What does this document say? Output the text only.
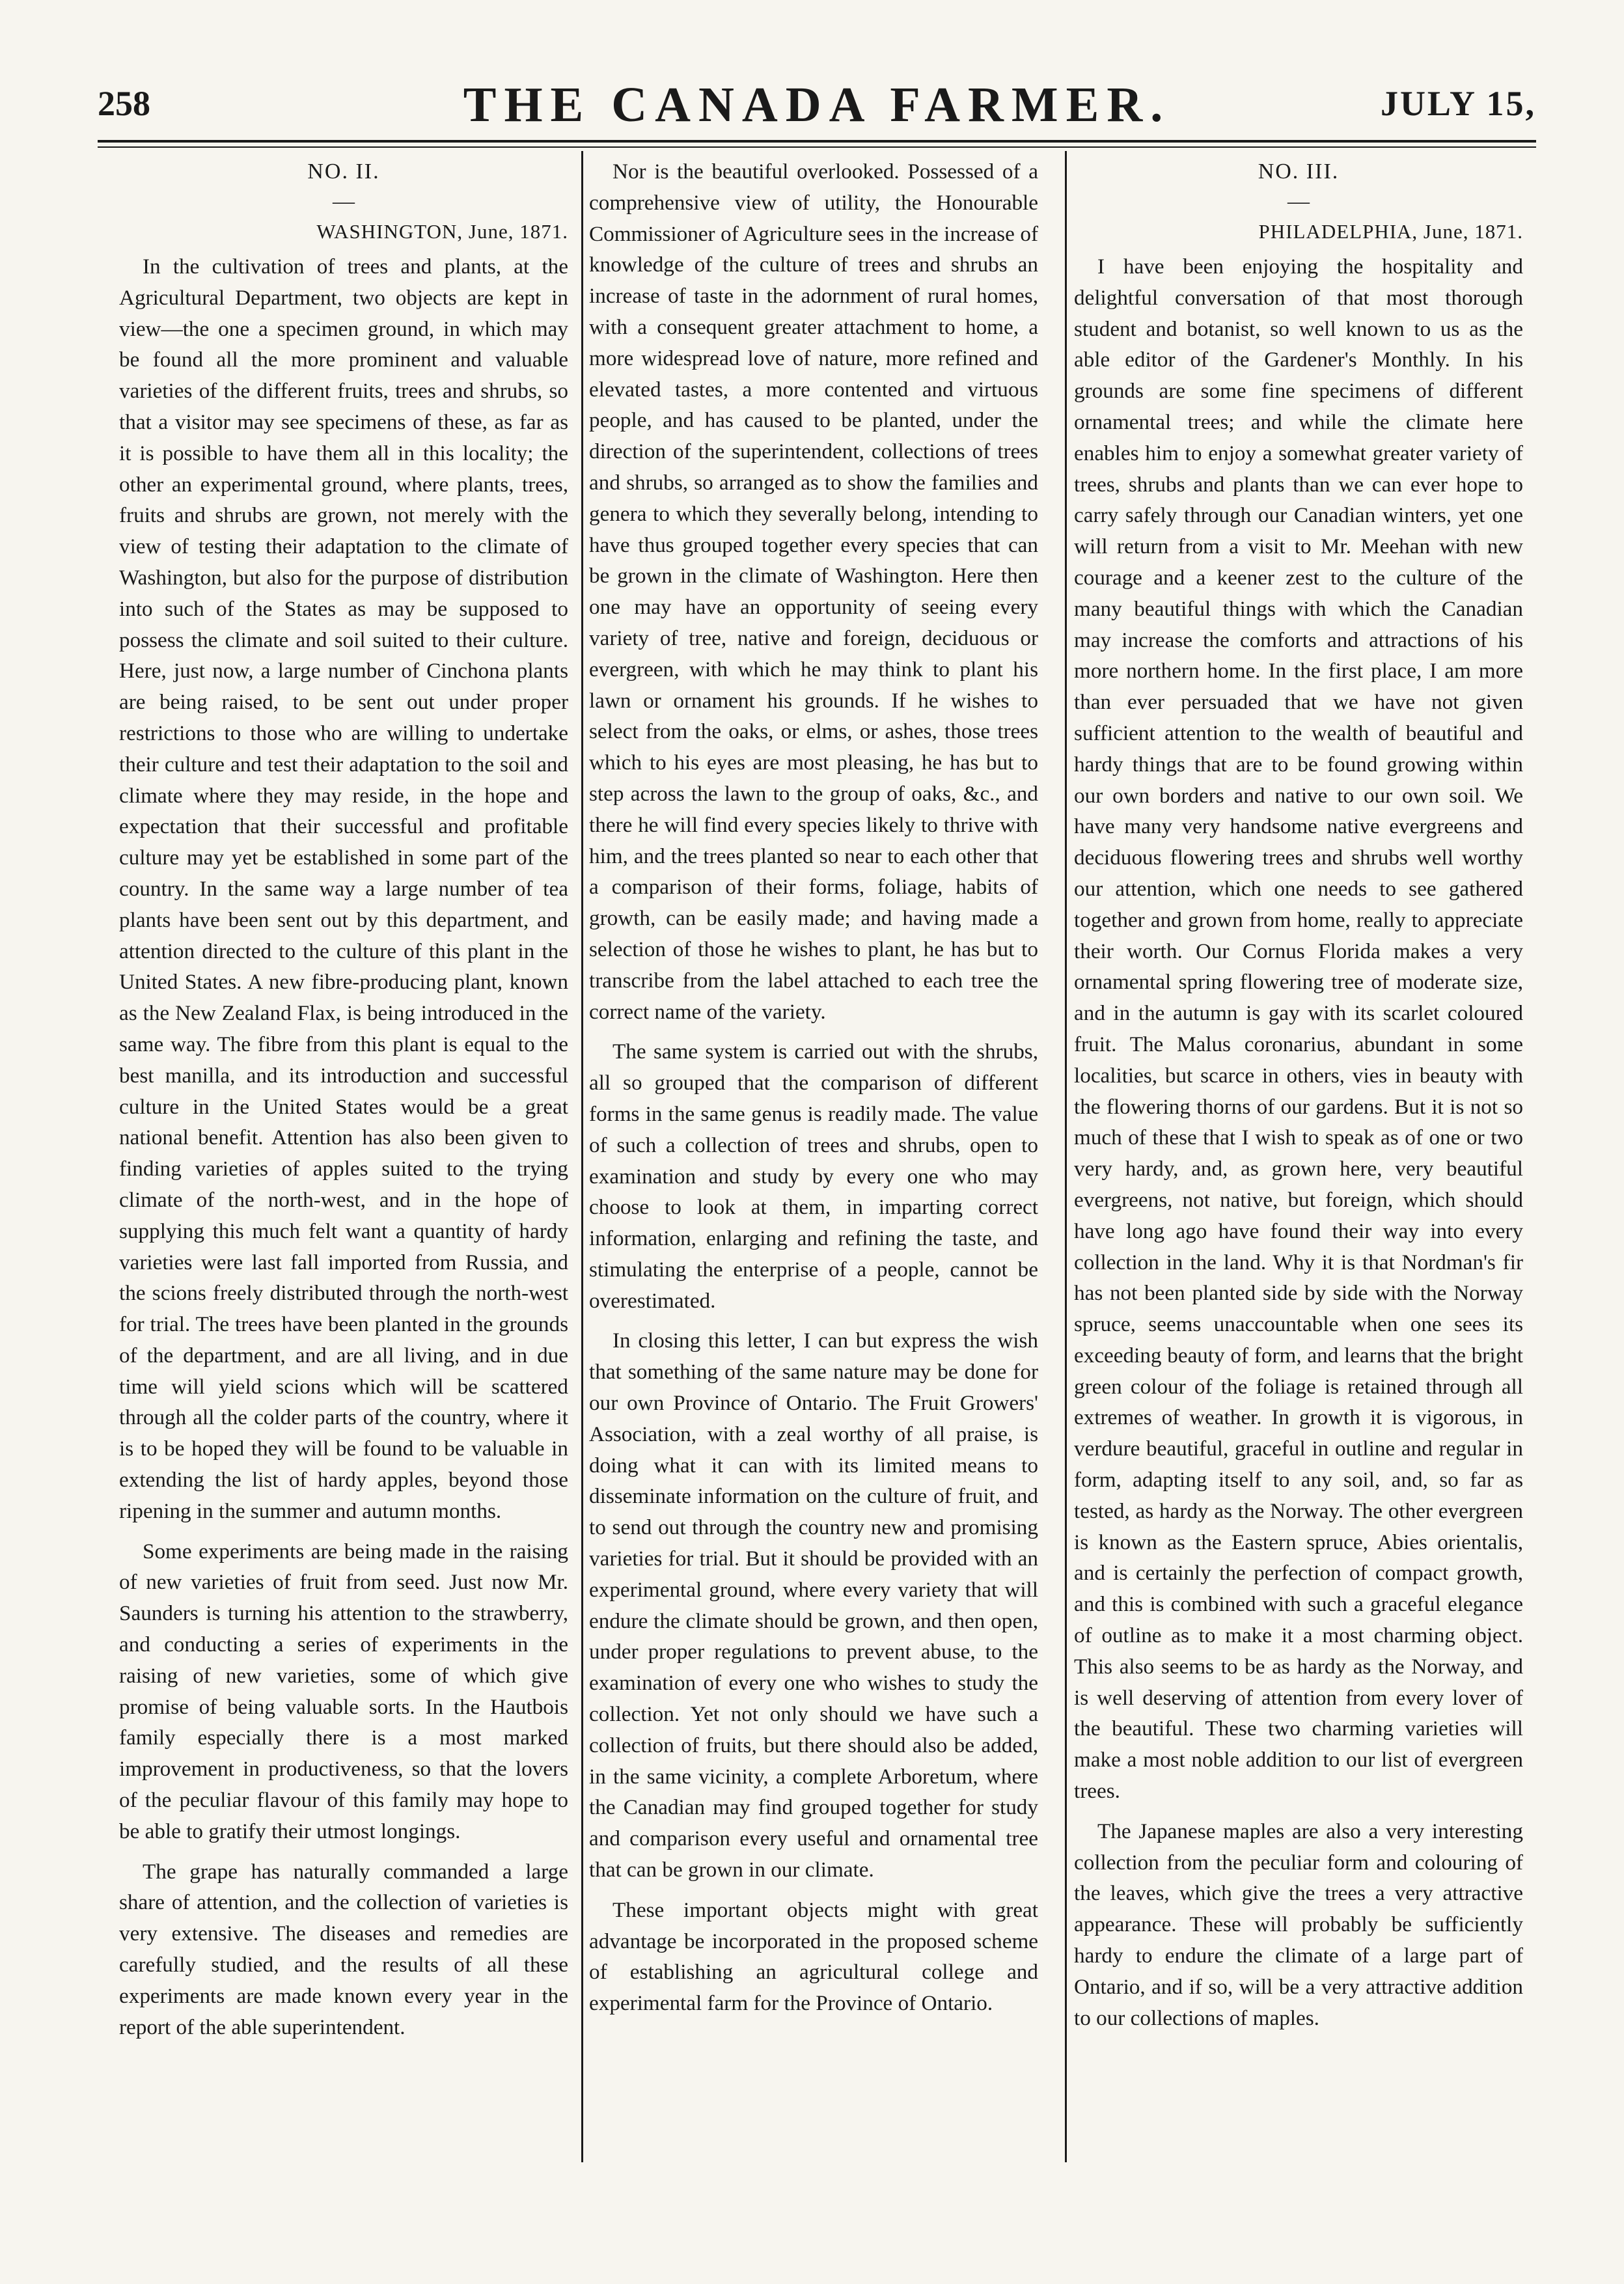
258	THE CANADA FARMER.	JULY 15,
NO. II.
—
WASHINGTON, June, 1871.

In the cultivation of trees and plants, at the Agricultural Department, two objects are kept in view—the one a specimen ground, in which may be found all the more prominent and valuable varieties of the different fruits, trees and shrubs, so that a visitor may see specimens of these, as far as it is possible to have them all in this locality; the other an experimental ground, where plants, trees, fruits and shrubs are grown, not merely with the view of testing their adaptation to the climate of Washington, but also for the purpose of distribution into such of the States as may be supposed to possess the climate and soil suited to their culture. Here, just now, a large number of Cinchona plants are being raised, to be sent out under proper restrictions to those who are willing to undertake their culture and test their adaptation to the soil and climate where they may reside, in the hope and expectation that their successful and profitable culture may yet be established in some part of the country. In the same way a large number of tea plants have been sent out by this department, and attention directed to the culture of this plant in the United States. A new fibre-producing plant, known as the New Zealand Flax, is being introduced in the same way. The fibre from this plant is equal to the best manilla, and its introduction and successful culture in the United States would be a great national benefit. Attention has also been given to finding varieties of apples suited to the trying climate of the north-west, and in the hope of supplying this much felt want a quantity of hardy varieties were last fall imported from Russia, and the scions freely distributed through the north-west for trial. The trees have been planted in the grounds of the department, and are all living, and in due time will yield scions which will be scattered through all the colder parts of the country, where it is to be hoped they will be found to be valuable in extending the list of hardy apples, beyond those ripening in the summer and autumn months.

Some experiments are being made in the raising of new varieties of fruit from seed. Just now Mr. Saunders is turning his attention to the strawberry, and conducting a series of experiments in the raising of new varieties, some of which give promise of being valuable sorts. In the Hautbois family especially there is a most marked improvement in productiveness, so that the lovers of the peculiar flavour of this family may hope to be able to gratify their utmost longings.

The grape has naturally commanded a large share of attention, and the collection of varieties is very extensive. The diseases and remedies are carefully studied, and the results of all these experiments are made known every year in the report of the able superintendent.

Nor is the beautiful overlooked. Possessed of a comprehensive view of utility, the Honourable Commissioner of Agriculture sees in the increase of knowledge of the culture of trees and shrubs an increase of taste in the adornment of rural homes, with a consequent greater attachment to home, a more widespread love of nature, more refined and elevated tastes, a more contented and virtuous people, and has caused to be planted, under the direction of the superintendent, collections of trees and shrubs, so arranged as to show the families and genera to which they severally belong, intending to have thus grouped together every species that can be grown in the climate of Washington. Here then one may have an opportunity of seeing every variety of tree, native and foreign, deciduous or evergreen, with which he may think to plant his lawn or ornament his grounds. If he wishes to select from the oaks, or elms, or ashes, those trees which to his eyes are most pleasing, he has but to step across the lawn to the group of oaks, &c., and there he will find every species likely to thrive with him, and the trees planted so near to each other that a comparison of their forms, foliage, habits of growth, can be easily made; and having made a selection of those he wishes to plant, he has but to transcribe from the label attached to each tree the correct name of the variety.

The same system is carried out with the shrubs, all so grouped that the comparison of different forms in the same genus is readily made. The value of such a collection of trees and shrubs, open to examination and study by every one who may choose to look at them, in imparting correct information, enlarging and refining the taste, and stimulating the enterprise of a people, cannot be overestimated.

In closing this letter, I can but express the wish that something of the same nature may be done for our own Province of Ontario. The Fruit Growers' Association, with a zeal worthy of all praise, is doing what it can with its limited means to disseminate information on the culture of fruit, and to send out through the country new and promising varieties for trial. But it should be provided with an experimental ground, where every variety that will endure the climate should be grown, and then open, under proper regulations to prevent abuse, to the examination of every one who wishes to study the collection. Yet not only should we have such a collection of fruits, but there should also be added, in the same vicinity, a complete Arboretum, where the Canadian may find grouped together for study and comparison every useful and ornamental tree that can be grown in our climate.

These important objects might with great advantage be incorporated in the proposed scheme of establishing an agricultural college and experimental farm for the Province of Ontario.

NO. III.
—
PHILADELPHIA, June, 1871.

I have been enjoying the hospitality and delightful conversation of that most thorough student and botanist, so well known to us as the able editor of the Gardener's Monthly. In his grounds are some fine specimens of different ornamental trees; and while the climate here enables him to enjoy a somewhat greater variety of trees, shrubs and plants than we can ever hope to carry safely through our Canadian winters, yet one will return from a visit to Mr. Meehan with new courage and a keener zest to the culture of the many beautiful things with which the Canadian may increase the comforts and attractions of his more northern home. In the first place, I am more than ever persuaded that we have not given sufficient attention to the wealth of beautiful and hardy things that are to be found growing within our own borders and native to our own soil. We have many very handsome native evergreens and deciduous flowering trees and shrubs well worthy our attention, which one needs to see gathered together and grown from home, really to appreciate their worth. Our Cornus Florida makes a very ornamental spring flowering tree of moderate size, and in the autumn is gay with its scarlet coloured fruit. The Malus coronarius, abundant in some localities, but scarce in others, vies in beauty with the flowering thorns of our gardens. But it is not so much of these that I wish to speak as of one or two very hardy, and, as grown here, very beautiful evergreens, not native, but foreign, which should have long ago have found their way into every collection in the land. Why it is that Nordman's fir has not been planted side by side with the Norway spruce, seems unaccountable when one sees its exceeding beauty of form, and learns that the bright green colour of the foliage is retained through all extremes of weather. In growth it is vigorous, in verdure beautiful, graceful in outline and regular in form, adapting itself to any soil, and, so far as tested, as hardy as the Norway. The other evergreen is known as the Eastern spruce, Abies orientalis, and is certainly the perfection of compact growth, and this is combined with such a graceful elegance of outline as to make it a most charming object. This also seems to be as hardy as the Norway, and is well deserving of attention from every lover of the beautiful. These two charming varieties will make a most noble addition to our list of evergreen trees.

The Japanese maples are also a very interesting collection from the peculiar form and colouring of the leaves, which give the trees a very attractive appearance. These will probably be sufficiently hardy to endure the climate of a large part of Ontario, and if so, will be a very attractive addition to our collections of maples.
